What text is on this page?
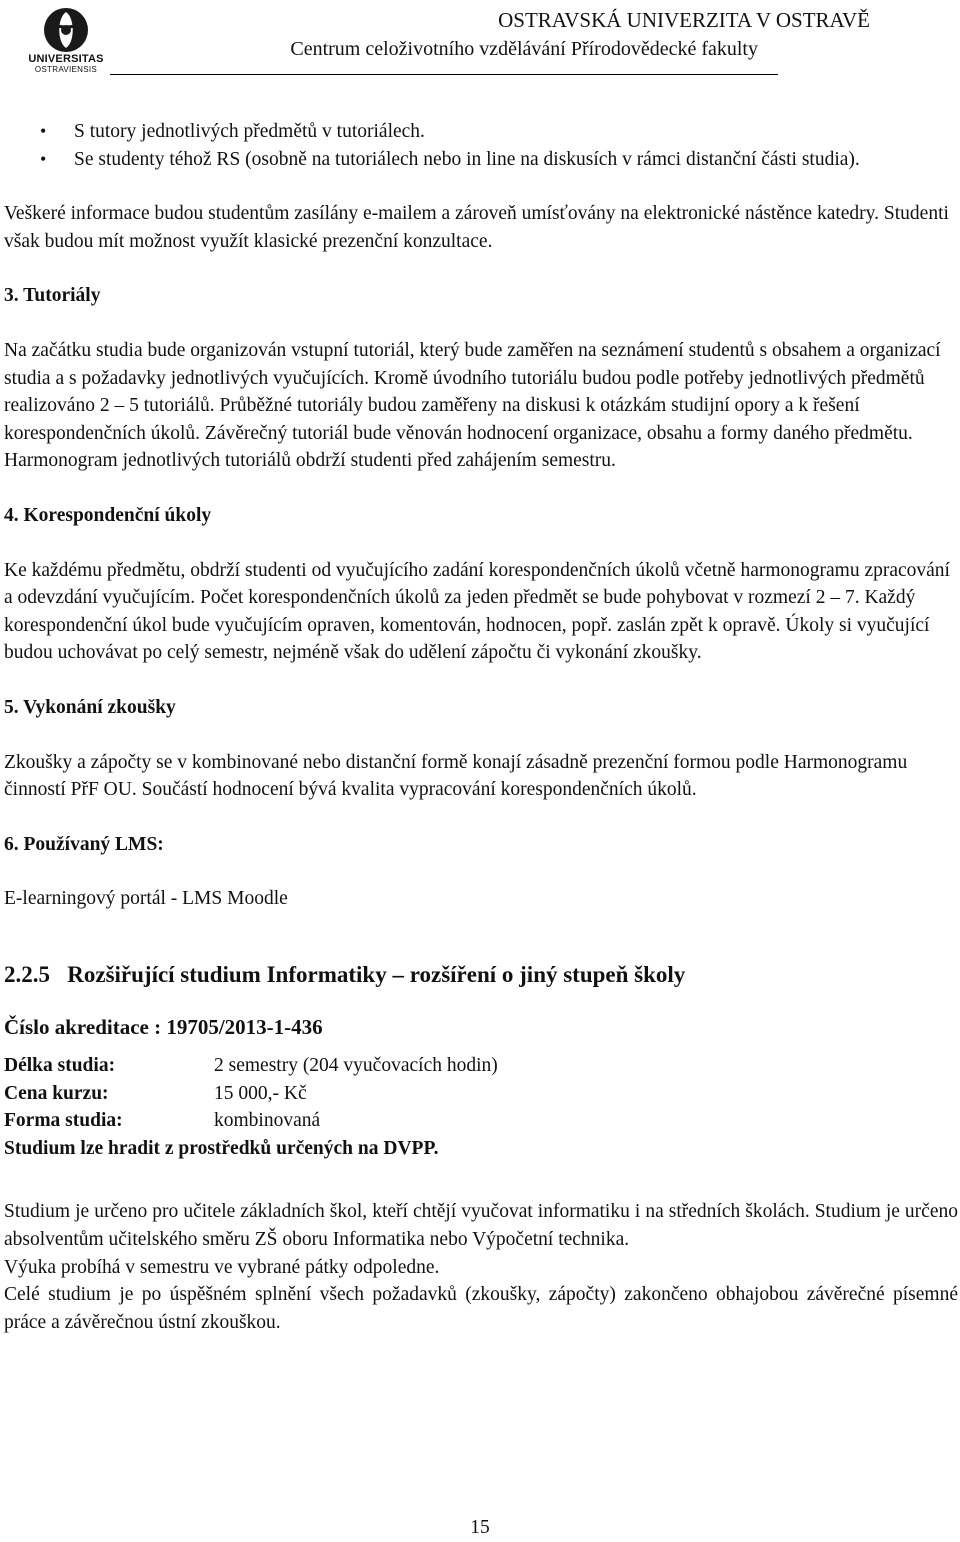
UNIVERSITAS
OSTRAVIENSIS
OSTRAVSKÁ UNIVERZITA V OSTRAVĚ
Centrum celoživotního vzdělávání Přírodovědecké fakulty
• S tutory jednotlivých předmětů v tutoriálech.
• Se studenty téhož RS (osobně na tutoriálech nebo in line na diskusích v rámci distanční části studia).

Veškeré informace budou studentům zasílány e-mailem a zároveň umísťovány na elektronické nástěnce katedry. Studenti však budou mít možnost využít klasické prezenční konzultace.

3. Tutoriály

Na začátku studia bude organizován vstupní tutoriál, který bude zaměřen na seznámení studentů s obsahem a organizací studia a s požadavky jednotlivých vyučujících. Kromě úvodního tutoriálu budou podle potřeby jednotlivých předmětů realizováno 2 – 5 tutoriálů. Průběžné tutoriály budou zaměřeny na diskusi k otázkám studijní opory a k řešení korespondenčních úkolů. Závěrečný tutoriál bude věnován hodnocení organizace, obsahu a formy daného předmětu. Harmonogram jednotlivých tutoriálů obdrží studenti před zahájením semestru.

4. Korespondenční úkoly

Ke každému předmětu, obdrží studenti od vyučujícího zadání korespondenčních úkolů včetně harmonogramu zpracování a odevzdání vyučujícím. Počet korespondenčních úkolů za jeden předmět se bude pohybovat v rozmezí 2 – 7. Každý korespondenční úkol bude vyučujícím opraven, komentován, hodnocen, popř. zaslán zpět k opravě. Úkoly si vyučující budou uchovávat po celý semestr, nejméně však do udělení zápočtu či vykonání zkoušky.

5. Vykonání zkoušky

Zkoušky a zápočty se v kombinované nebo distanční formě konají zásadně prezenční formou podle Harmonogramu činností PřF OU. Součástí hodnocení bývá kvalita vypracování korespondenčních úkolů.

6. Používaný LMS:

E-learningový portál - LMS Moodle

2.2.5 Rozšiřující studium Informatiky – rozšíření o jiný stupeň školy

Číslo akreditace : 19705/2013-1-436

Délka studia:	2 semestry (204 vyučovacích hodin)
Cena kurzu:	15 000,- Kč
Forma studia:	kombinovaná

Studium lze hradit z prostředků určených na DVPP.

Studium je určeno pro učitele základních škol, kteří chtějí vyučovat informatiku i na středních školách. Studium je určeno absolventům učitelského směru ZŠ oboru Informatika nebo Výpočetní technika.

Výuka probíhá v semestru ve vybrané pátky odpoledne.

Celé studium je po úspěšném splnění všech požadavků (zkoušky, zápočty) zakončeno obhajobou závěrečné písemné práce a závěrečnou ústní zkouškou.

15
